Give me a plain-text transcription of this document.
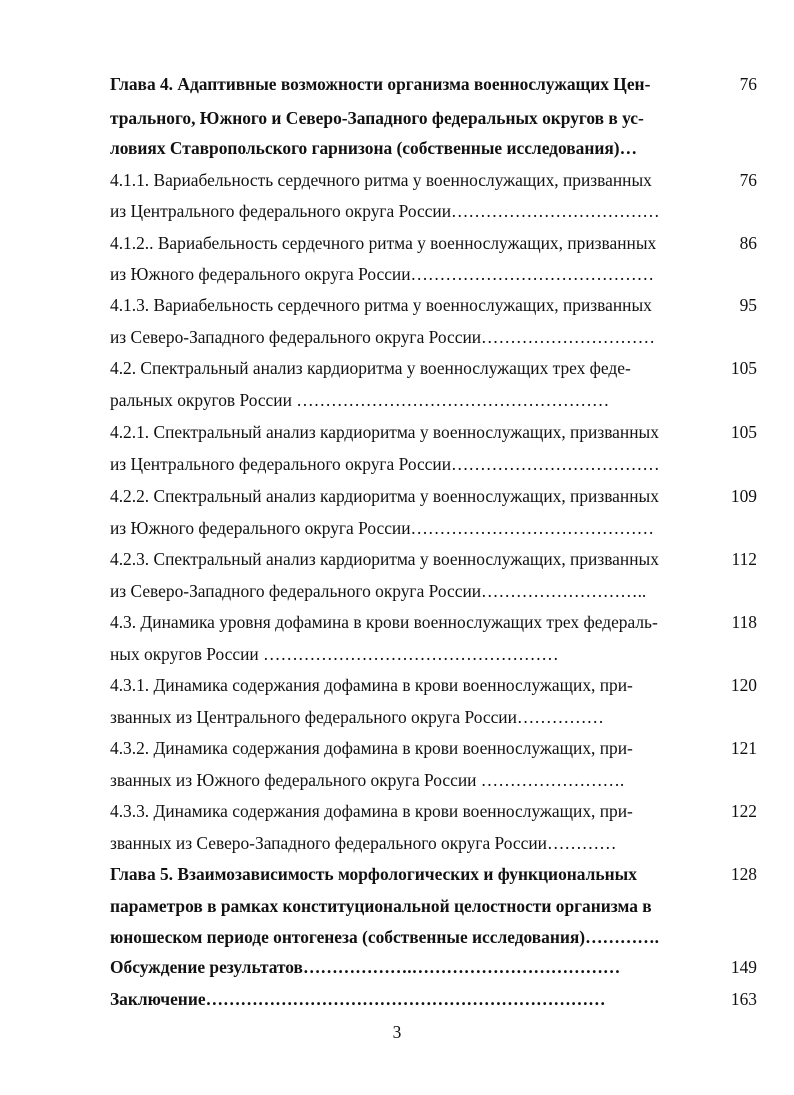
Глава 4. Адаптивные возможности организма военнослужащих Цен-
трального, Южного и Северо-Западного федеральных округов в ус-
ловиях Ставропольского гарнизона (собственные исследования)…
76
4.1.1. Вариабельность сердечного ритма у военнослужащих, призванных
из Центрального федерального округа России………………………………
76
4.1.2.. Вариабельность сердечного ритма у военнослужащих, призванных
из Южного федерального округа России……………………………………
86
4.1.3. Вариабельность сердечного ритма у военнослужащих, призванных
из Северо-Западного федерального округа России…………………………
95
4.2. Спектральный анализ кардиоритма у военнослужащих трех феде-
ральных округов России ………………………………………………
105
4.2.1. Спектральный анализ кардиоритма у военнослужащих, призванных
из Центрального федерального округа России………………………………
105
4.2.2. Спектральный анализ кардиоритма у военнослужащих, призванных
из Южного федерального округа России……………………………………
109
4.2.3. Спектральный анализ кардиоритма у военнослужащих, призванных
из Северо-Западного федерального округа России………………………..
112
4.3. Динамика уровня дофамина в крови военнослужащих трех федераль-
ных округов России ……………………………………………
118
4.3.1. Динамика содержания дофамина в крови военнослужащих, при-
званных из Центрального федерального округа России……………
120
4.3.2. Динамика содержания дофамина в крови военнослужащих, при-
званных из Южного федерального округа России …………………….
121
4.3.3. Динамика содержания дофамина в крови военнослужащих, при-
званных из Северо-Западного федерального округа России…………
122
Глава 5. Взаимозависимость морфологических и функциональных
параметров в рамках конституциональной целостности организма в
юношеском периоде онтогенеза (собственные исследования)………….
128
Обсуждение результатов……………….………………………………	149
Заключение……………………………………………………………	163
3
